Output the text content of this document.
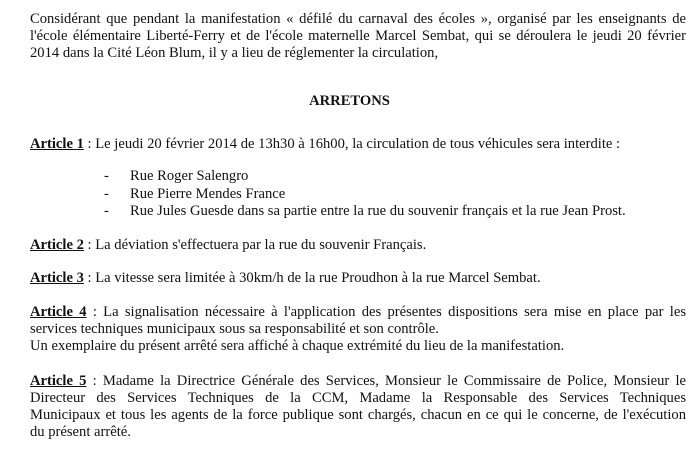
Considérant que pendant la manifestation « défilé du carnaval des écoles », organisé par les enseignants de
l'école élémentaire Liberté-Ferry et de l'école maternelle Marcel Sembat, qui se déroulera le jeudi 20 février
2014 dans la Cité Léon Blum, il y a lieu de réglementer la circulation,

ARRETONS

Article 1 : Le jeudi 20 février 2014 de 13h30 à 16h00, la circulation de tous véhicules sera interdite :

- Rue Roger Salengro
- Rue Pierre Mendes France
- Rue Jules Guesde dans sa partie entre la rue du souvenir français et la rue Jean Prost.

Article 2 : La déviation s'effectuera par la rue du souvenir Français.

Article 3 : La vitesse sera limitée à 30km/h de la rue Proudhon à la rue Marcel Sembat.

Article 4 : La signalisation nécessaire à l'application des présentes dispositions sera mise en place par les
services techniques municipaux sous sa responsabilité et son contrôle.
Un exemplaire du présent arrêté sera affiché à chaque extrémité du lieu de la manifestation.

Article 5 : Madame la Directrice Générale des Services, Monsieur le Commissaire de Police, Monsieur le
Directeur des Services Techniques de la CCM, Madame la Responsable des Services Techniques
Municipaux et tous les agents de la force publique sont chargés, chacun en ce qui le concerne, de l'exécution
du présent arrêté.
